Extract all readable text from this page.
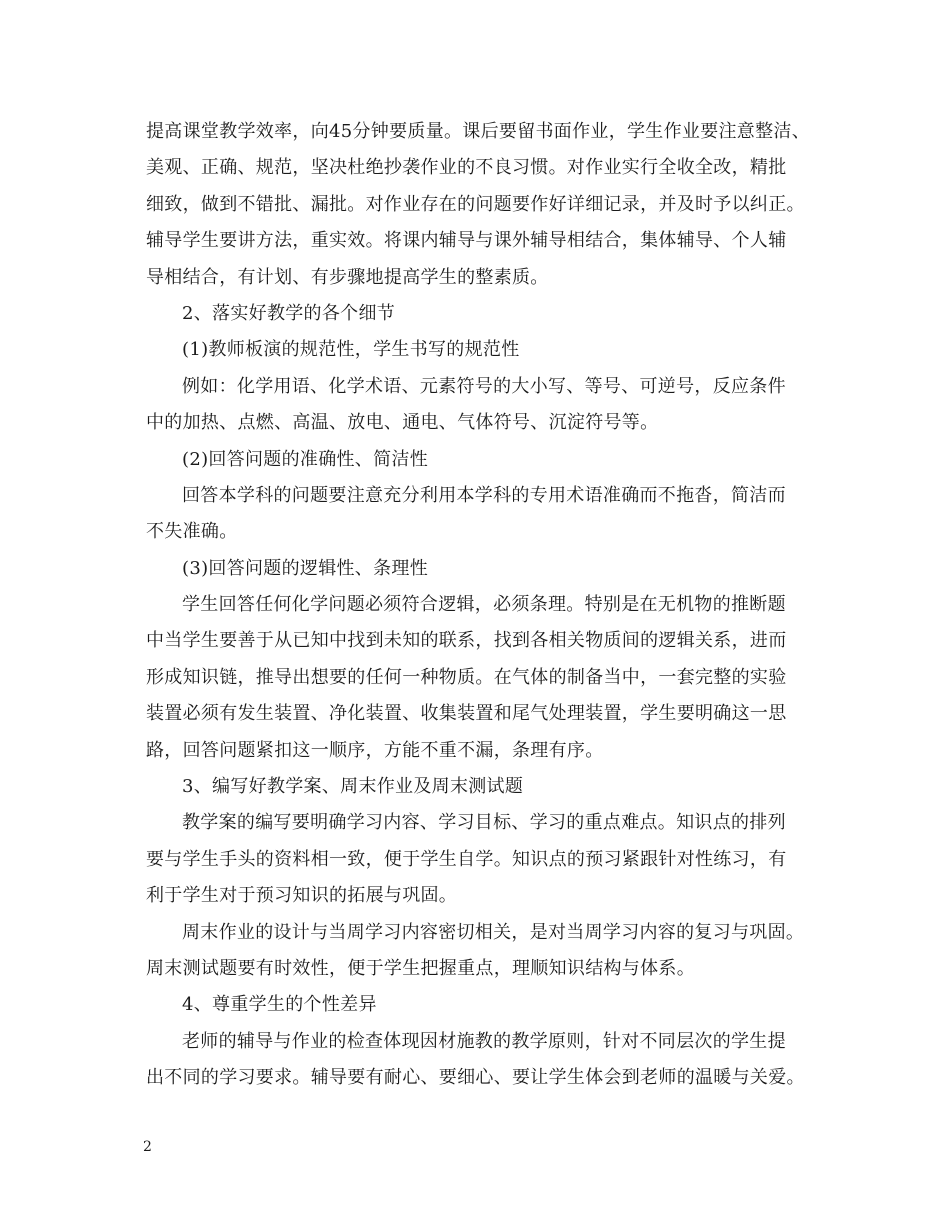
提高课堂教学效率，向45分钟要质量。课后要留书面作业，学生作业要注意整洁、
美观、正确、规范，坚决杜绝抄袭作业的不良习惯。对作业实行全收全改，精批
细致，做到不错批、漏批。对作业存在的问题要作好详细记录，并及时予以纠正。
辅导学生要讲方法，重实效。将课内辅导与课外辅导相结合，集体辅导、个人辅
导相结合，有计划、有步骤地提高学生的整素质。
2、落实好教学的各个细节
(1)教师板演的规范性，学生书写的规范性
例如：化学用语、化学术语、元素符号的大小写、等号、可逆号，反应条件
中的加热、点燃、高温、放电、通电、气体符号、沉淀符号等。
(2)回答问题的准确性、简洁性
回答本学科的问题要注意充分利用本学科的专用术语准确而不拖沓，简洁而
不失准确。
(3)回答问题的逻辑性、条理性
学生回答任何化学问题必须符合逻辑，必须条理。特别是在无机物的推断题
中当学生要善于从已知中找到未知的联系，找到各相关物质间的逻辑关系，进而
形成知识链，推导出想要的任何一种物质。在气体的制备当中，一套完整的实验
装置必须有发生装置、净化装置、收集装置和尾气处理装置，学生要明确这一思
路，回答问题紧扣这一顺序，方能不重不漏，条理有序。
3、编写好教学案、周末作业及周末测试题
教学案的编写要明确学习内容、学习目标、学习的重点难点。知识点的排列
要与学生手头的资料相一致，便于学生自学。知识点的预习紧跟针对性练习，有
利于学生对于预习知识的拓展与巩固。
周末作业的设计与当周学习内容密切相关，是对当周学习内容的复习与巩固。
周末测试题要有时效性，便于学生把握重点，理顺知识结构与体系。
4、尊重学生的个性差异
老师的辅导与作业的检查体现因材施教的教学原则，针对不同层次的学生提
出不同的学习要求。辅导要有耐心、要细心、要让学生体会到老师的温暖与关爱。
2
